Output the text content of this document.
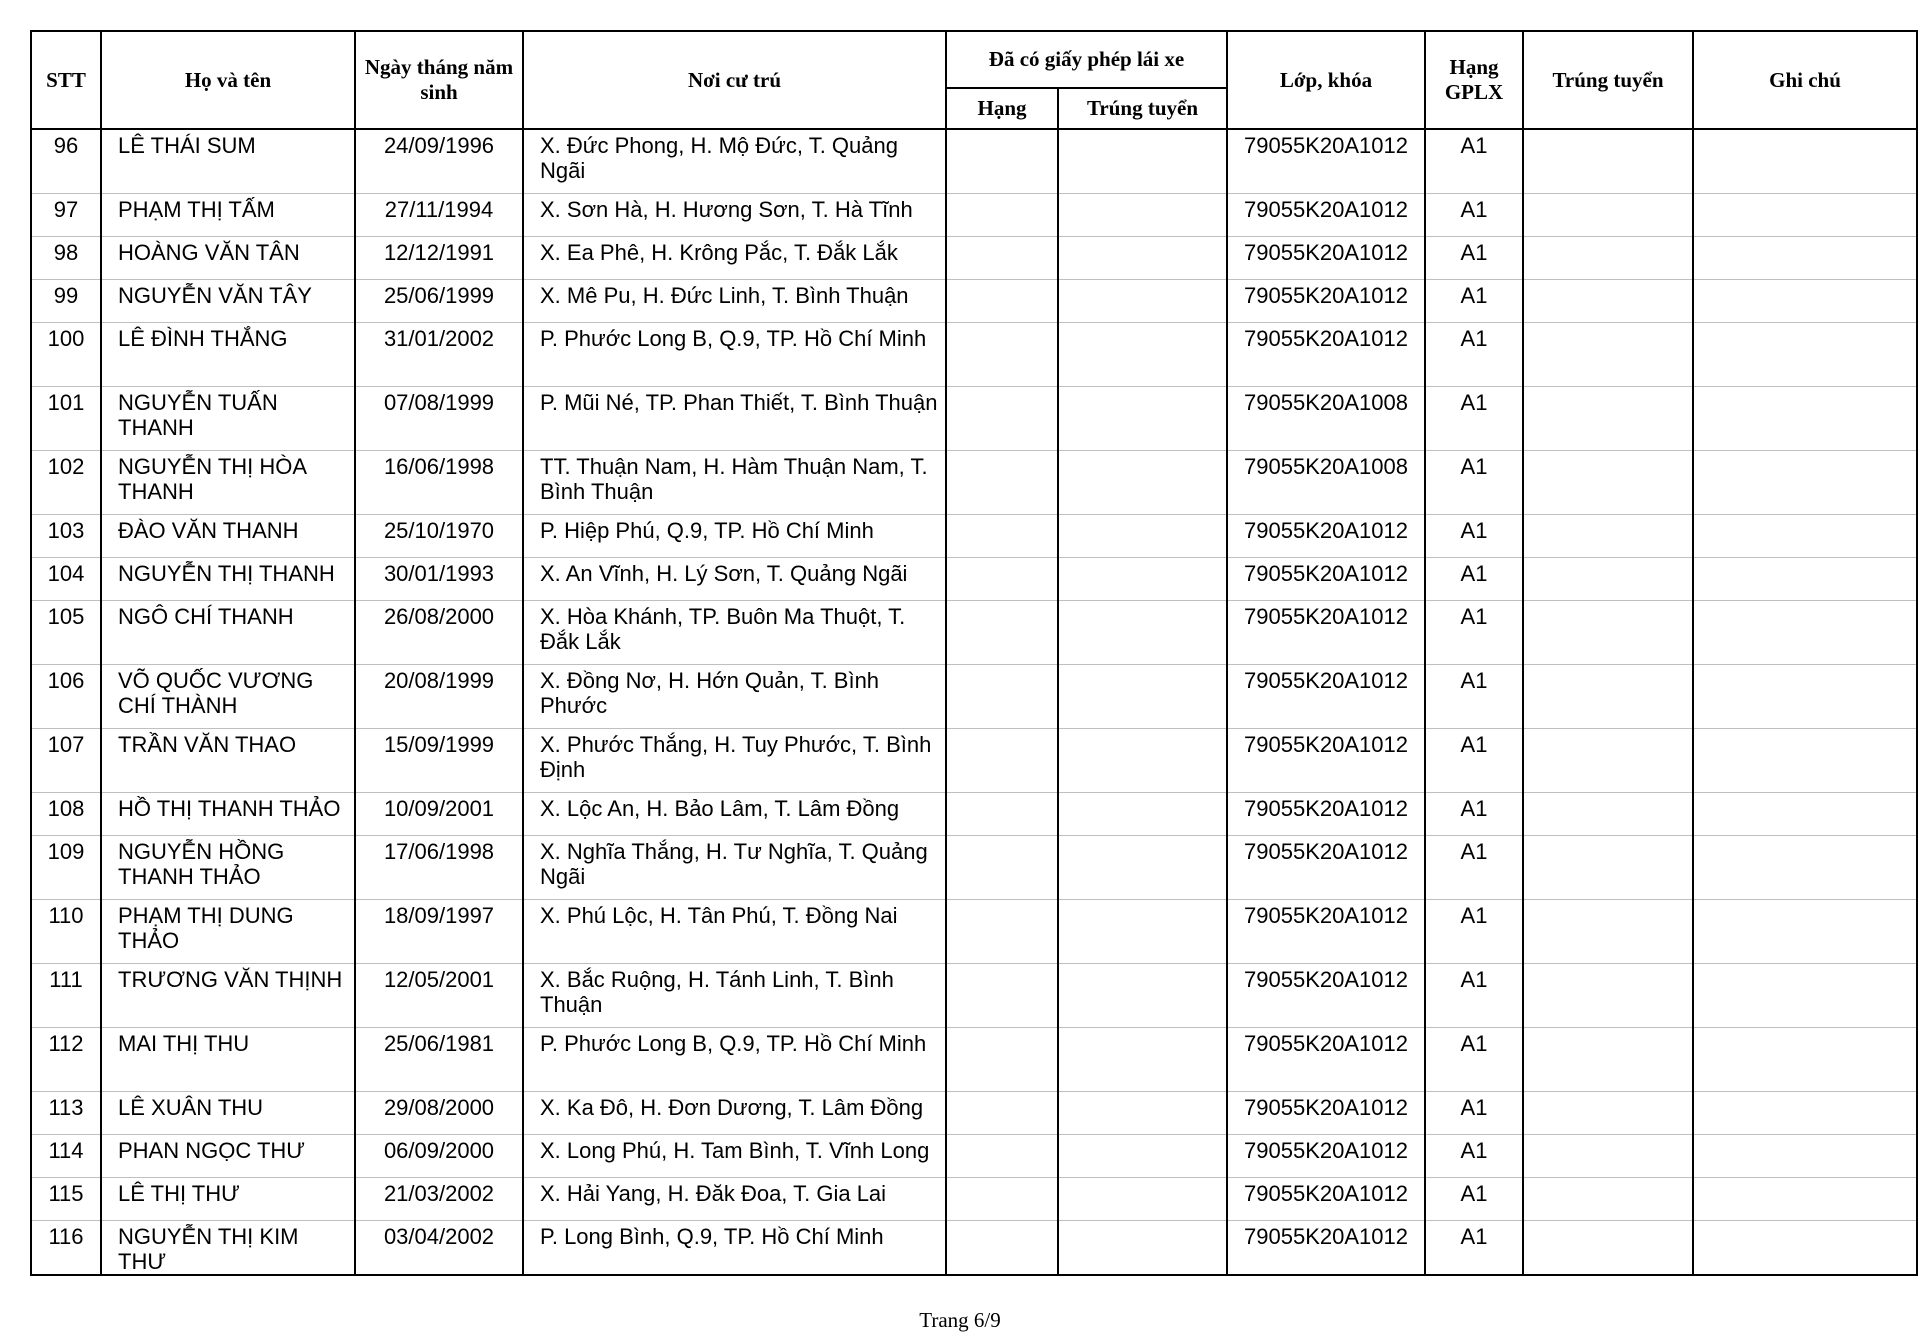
STT	Họ và tên	Ngày tháng năm sinh	Nơi cư trú	Đã có giấy phép lái xe		Lớp, khóa	Hạng GPLX	Trúng tuyển	Ghi chú
				Hạng	Trúng tuyển				
96	LÊ THÁI SUM	24/09/1996	X. Đức Phong, H. Mộ Đức, T. Quảng Ngãi			79055K20A1012	A1		
97	PHẠM THỊ TẤM	27/11/1994	X. Sơn Hà, H. Hương Sơn, T. Hà Tĩnh			79055K20A1012	A1		
98	HOÀNG VĂN TÂN	12/12/1991	X. Ea Phê, H. Krông Pắc, T. Đắk Lắk			79055K20A1012	A1		
99	NGUYỄN VĂN TÂY	25/06/1999	X. Mê Pu, H. Đức Linh, T. Bình Thuận			79055K20A1012	A1		
100	LÊ ĐÌNH THẮNG	31/01/2002	P. Phước Long B, Q.9, TP. Hồ Chí Minh			79055K20A1012	A1		
101	NGUYỄN TUẤN THANH	07/08/1999	P. Mũi Né, TP. Phan Thiết, T. Bình Thuận			79055K20A1008	A1		
102	NGUYỄN THỊ HÒA THANH	16/06/1998	TT. Thuận Nam, H. Hàm Thuận Nam, T. Bình Thuận			79055K20A1008	A1		
103	ĐÀO VĂN THANH	25/10/1970	P. Hiệp Phú, Q.9, TP. Hồ Chí Minh			79055K20A1012	A1		
104	NGUYỄN THỊ THANH	30/01/1993	X. An Vĩnh, H. Lý Sơn, T. Quảng Ngãi			79055K20A1012	A1		
105	NGÔ CHÍ THANH	26/08/2000	X. Hòa Khánh, TP. Buôn Ma Thuột, T. Đắk Lắk			79055K20A1012	A1		
106	VÕ QUỐC VƯƠNG CHÍ THÀNH	20/08/1999	X. Đồng Nơ, H. Hớn Quản, T. Bình Phước			79055K20A1012	A1		
107	TRẦN VĂN THAO	15/09/1999	X. Phước Thắng, H. Tuy Phước, T. Bình Định			79055K20A1012	A1		
108	HỒ THỊ THANH THẢO	10/09/2001	X. Lộc An, H. Bảo Lâm, T. Lâm Đồng			79055K20A1012	A1		
109	NGUYỄN HỒNG THANH THẢO	17/06/1998	X. Nghĩa Thắng, H. Tư Nghĩa, T. Quảng Ngãi			79055K20A1012	A1		
110	PHẠM THỊ DUNG THẢO	18/09/1997	X. Phú Lộc, H. Tân Phú, T. Đồng Nai			79055K20A1012	A1		
111	TRƯƠNG VĂN THỊNH	12/05/2001	X. Bắc Ruộng, H. Tánh Linh, T. Bình Thuận			79055K20A1012	A1		
112	MAI THỊ THU	25/06/1981	P. Phước Long B, Q.9, TP. Hồ Chí Minh			79055K20A1012	A1		
113	LÊ XUÂN THU	29/08/2000	X. Ka Đô, H. Đơn Dương, T. Lâm Đồng			79055K20A1012	A1		
114	PHAN NGỌC THƯ	06/09/2000	X. Long Phú, H. Tam Bình, T. Vĩnh Long			79055K20A1012	A1		
115	LÊ THỊ THƯ	21/03/2002	X. Hải Yang, H. Đăk Đoa, T. Gia Lai			79055K20A1012	A1		
116	NGUYỄN THỊ KIM THƯ	03/04/2002	P. Long Bình, Q.9, TP. Hồ Chí Minh			79055K20A1012	A1		
Trang 6/9
